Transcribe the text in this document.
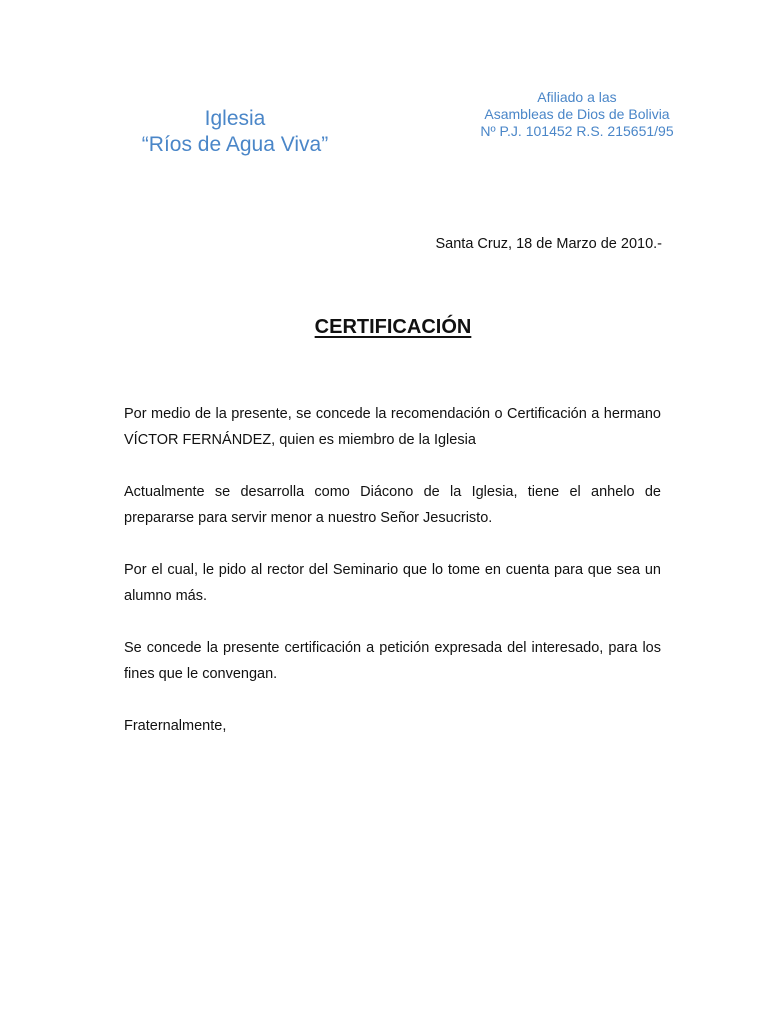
Iglesia
“Ríos de Agua Viva”
Afiliado a las
Asambleas de Dios de Bolivia
Nº P.J. 101452 R.S. 215651/95
Santa Cruz, 18 de Marzo de 2010.-
CERTIFICACIÓN

Por medio de la presente, se concede la recomendación o Certificación a hermano VÍCTOR FERNÁNDEZ, quien es miembro de la Iglesia

Actualmente se desarrolla como Diácono de la Iglesia, tiene el anhelo de prepararse para servir menor a nuestro Señor Jesucristo.

Por el cual, le pido al rector del Seminario que lo tome en cuenta para que sea un alumno más.

Se concede la presente certificación a petición expresada del interesado, para los fines que le convengan.

Fraternalmente,
